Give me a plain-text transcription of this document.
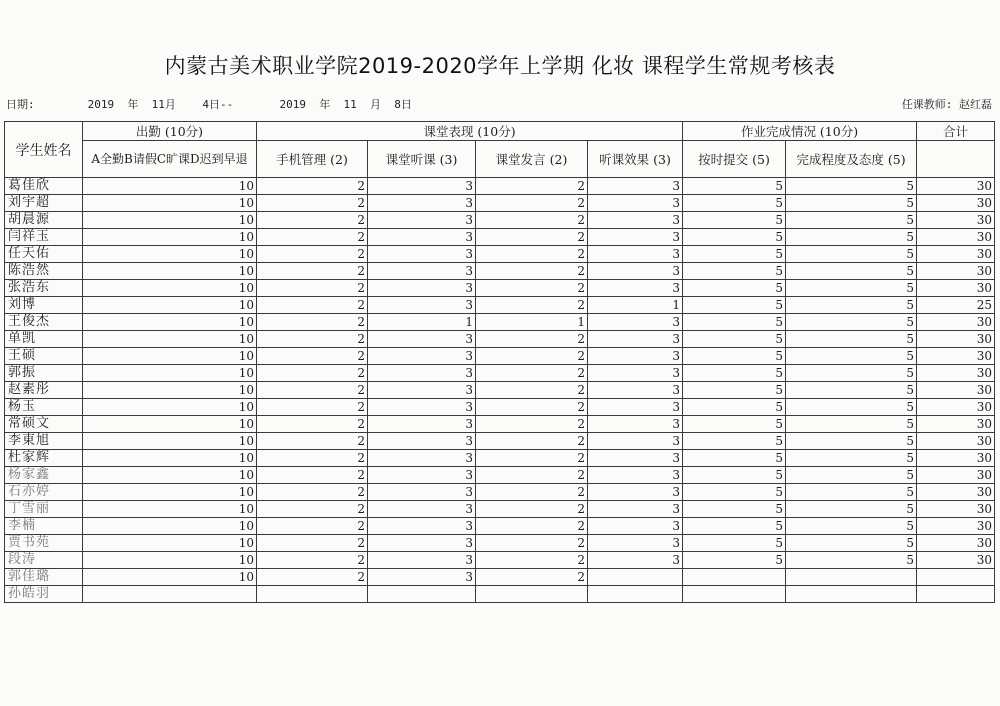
内蒙古美术职业学院2019-2020学年上学期 化妆 课程学生常规考核表
日期:        2019  年  11月    4日--       2019  年  11  月  8日	任课教师: 赵红磊
学生姓名	出勤 (10分)	课堂表现 (10分)				作业完成情况 (10分)		合计
	A全勤B请假C旷课D迟到早退	手机管理 (2)	课堂听课 (3)	课堂发言 (2)	听课效果 (3)	按时提交 (5)	完成程度及态度 (5)	
葛佳欣	10	2	3	2	3	5	5	30
刘宇超	10	2	3	2	3	5	5	30
胡晨源	10	2	3	2	3	5	5	30
闫祥玉	10	2	3	2	3	5	5	30
任天佑	10	2	3	2	3	5	5	30
陈浩然	10	2	3	2	3	5	5	30
张浩东	10	2	3	2	3	5	5	30
刘博	10	2	3	2	1	5	5	25
王俊杰	10	2	1	1	3	5	5	30
单凯	10	2	3	2	3	5	5	30
王硕	10	2	3	2	3	5	5	30
郭振	10	2	3	2	3	5	5	30
赵素彤	10	2	3	2	3	5	5	30
杨玉	10	2	3	2	3	5	5	30
常硕文	10	2	3	2	3	5	5	30
李東旭	10	2	3	2	3	5	5	30
杜家辉	10	2	3	2	3	5	5	30
杨家鑫	10	2	3	2	3	5	5	30
石亦婷	10	2	3	2	3	5	5	30
丁雪丽	10	2	3	2	3	5	5	30
李楠	10	2	3	2	3	5	5	30
贾书苑	10	2	3	2	3	5	5	30
段涛	10	2	3	2	3	5	5	30
郭佳璐	10	2	3	2				
孙皓羽								
